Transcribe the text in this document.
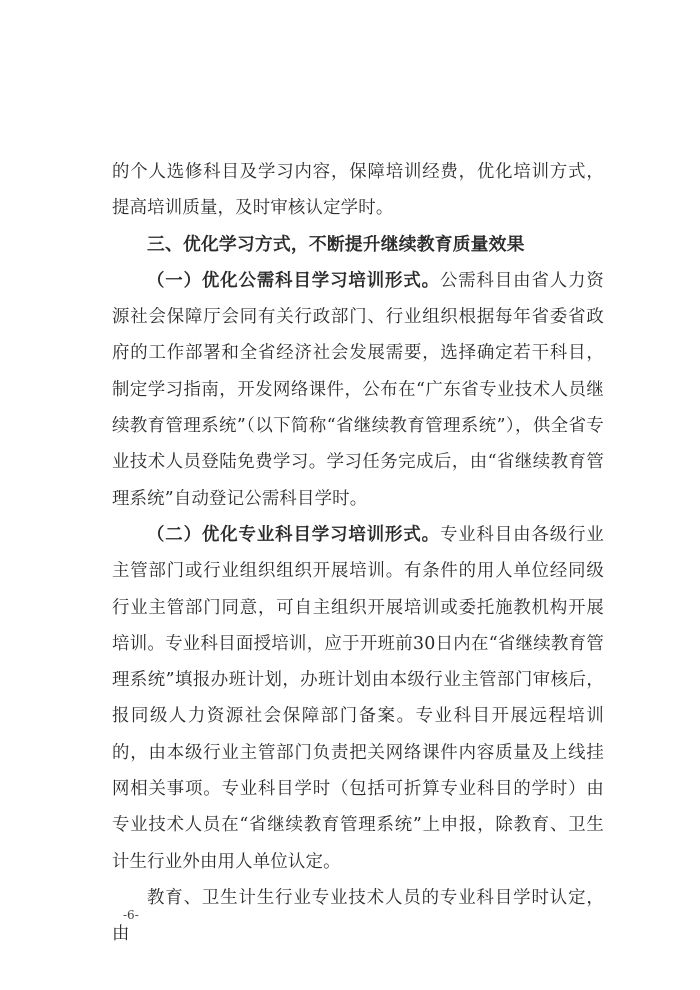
的个人选修科目及学习内容，保障培训经费，优化培训方式，提高培训质量，及时审核认定学时。

三、优化学习方式，不断提升继续教育质量效果

（一）优化公需科目学习培训形式。公需科目由省人力资源社会保障厅会同有关行政部门、行业组织根据每年省委省政府的工作部署和全省经济社会发展需要，选择确定若干科目，制定学习指南，开发网络课件，公布在“广东省专业技术人员继续教育管理系统”（以下简称“省继续教育管理系统”），供全省专业技术人员登陆免费学习。学习任务完成后，由“省继续教育管理系统”自动登记公需科目学时。

（二）优化专业科目学习培训形式。专业科目由各级行业主管部门或行业组织组织开展培训。有条件的用人单位经同级行业主管部门同意，可自主组织开展培训或委托施教机构开展培训。专业科目面授培训，应于开班前30日内在“省继续教育管理系统”填报办班计划，办班计划由本级行业主管部门审核后，报同级人力资源社会保障部门备案。专业科目开展远程培训的，由本级行业主管部门负责把关网络课件内容质量及上线挂网相关事项。专业科目学时（包括可折算专业科目的学时）由专业技术人员在“省继续教育管理系统”上申报，除教育、卫生计生行业外由用人单位认定。

教育、卫生计生行业专业技术人员的专业科目学时认定，由

-6-
